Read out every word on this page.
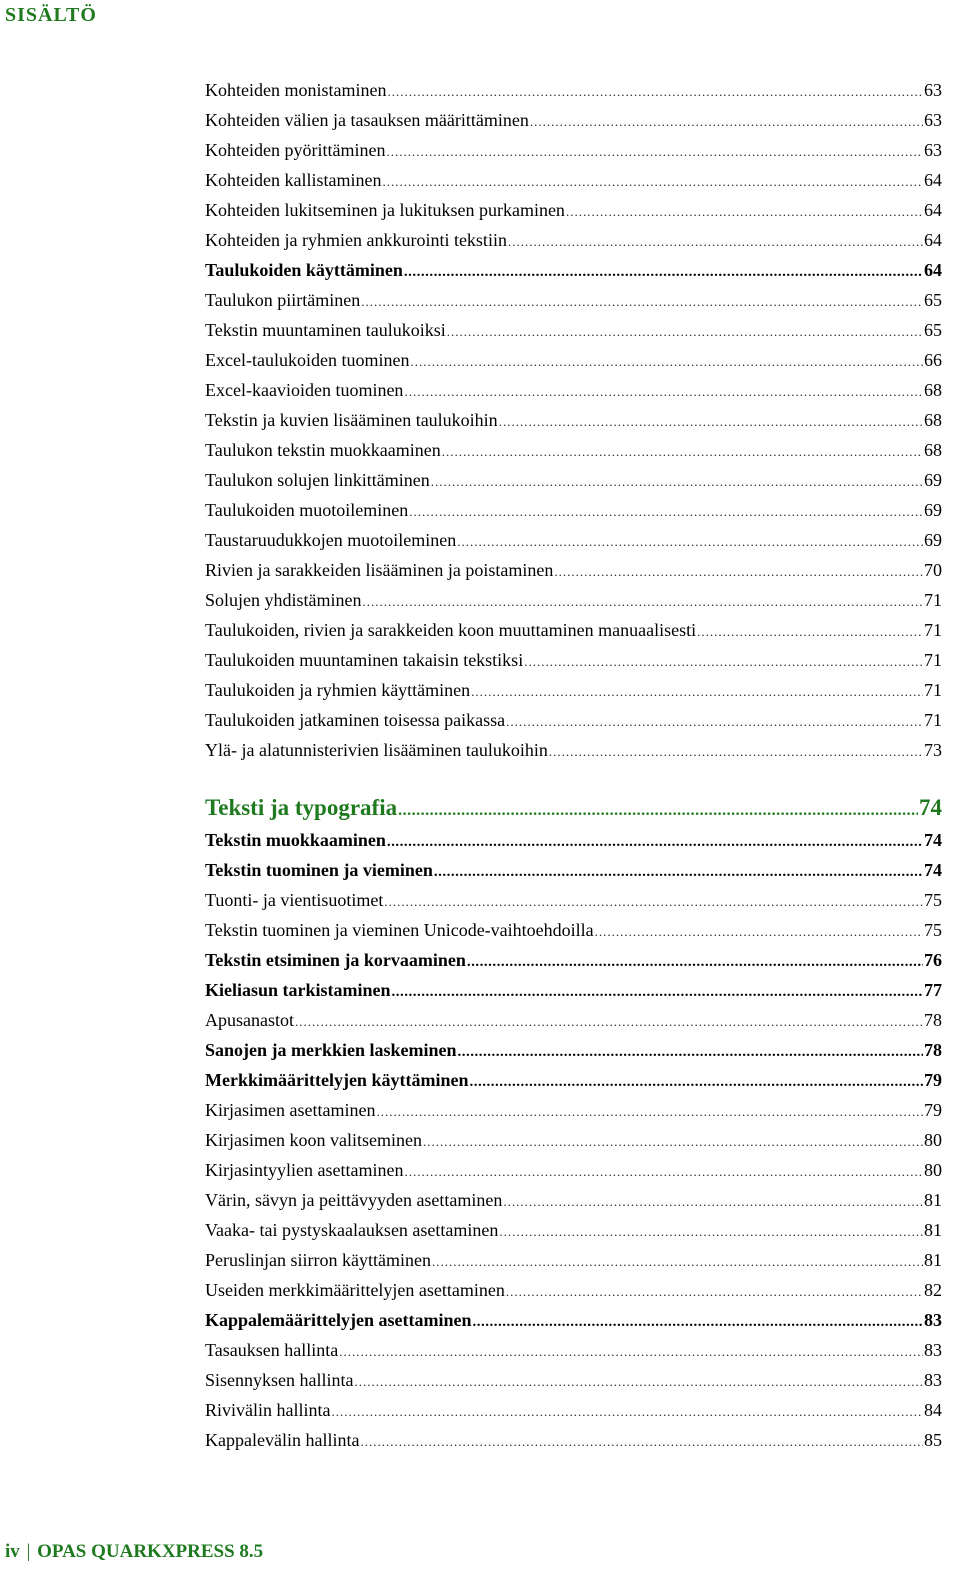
SISÄLTÖ
Kohteiden monistaminen .....	63
Kohteiden välien ja tasauksen määrittäminen .....	63
Kohteiden pyörittäminen .....	63
Kohteiden kallistaminen .....	64
Kohteiden lukitseminen ja lukituksen purkaminen .....	64
Kohteiden ja ryhmien ankkurointi tekstiin .....	64
Taulukoiden käyttäminen .....	64
Taulukon piirtäminen .....	65
Tekstin muuntaminen taulukoiksi .....	65
Excel-taulukoiden tuominen .....	66
Excel-kaavioiden tuominen .....	68
Tekstin ja kuvien lisääminen taulukoihin .....	68
Taulukon tekstin muokkaaminen .....	68
Taulukon solujen linkittäminen .....	69
Taulukoiden muotoileminen .....	69
Taustaruudukkojen muotoileminen .....	69
Rivien ja sarakkeiden lisääminen ja poistaminen .....	70
Solujen yhdistäminen .....	71
Taulukoiden, rivien ja sarakkeiden koon muuttaminen manuaalisesti .....	71
Taulukoiden muuntaminen takaisin tekstiksi .....	71
Taulukoiden ja ryhmien käyttäminen .....	71
Taulukoiden jatkaminen toisessa paikassa .....	71
Ylä- ja alatunnisterivien lisääminen taulukoihin .....	73
Teksti ja typografia .....	74
Tekstin muokkaaminen .....	74
Tekstin tuominen ja vieminen .....	74
Tuonti- ja vientisuotimet .....	75
Tekstin tuominen ja vieminen Unicode-vaihtoehdoilla .....	75
Tekstin etsiminen ja korvaaminen .....	76
Kieliasun tarkistaminen .....	77
Apusanastot .....	78
Sanojen ja merkkien laskeminen .....	78
Merkkimäärittelyjen käyttäminen .....	79
Kirjasimen asettaminen .....	79
Kirjasimen koon valitseminen .....	80
Kirjasintyylien asettaminen .....	80
Värin, sävyn ja peittävyyden asettaminen .....	81
Vaaka- tai pystyskaalauksen asettaminen .....	81
Peruslinjan siirron käyttäminen .....	81
Useiden merkkimäärittelyjen asettaminen .....	82
Kappalemäärittelyjen asettaminen .....	83
Tasauksen hallinta .....	83
Sisennyksen hallinta .....	83
Rivivälin hallinta .....	84
Kappalevälin hallinta .....	85
iv | OPAS QUARKXPRESS 8.5
